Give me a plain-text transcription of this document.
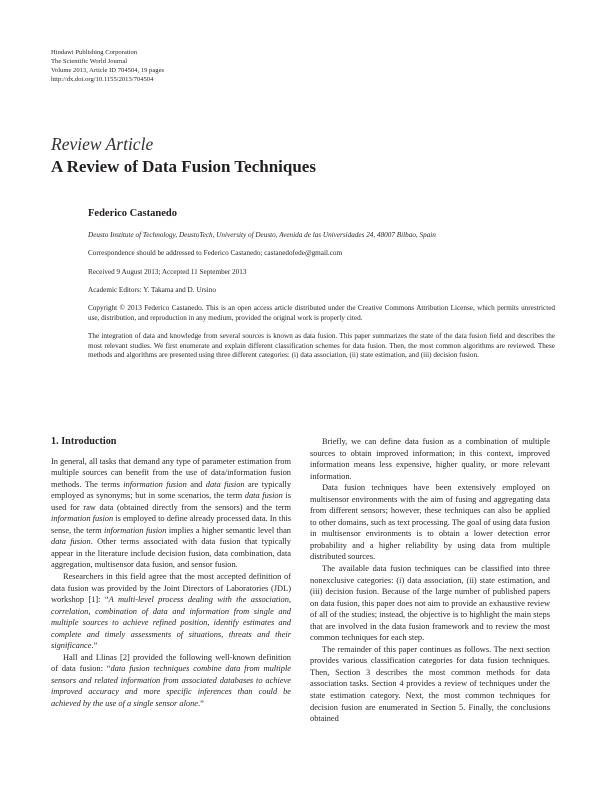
Hindawi Publishing Corporation
The Scientific World Journal
Volume 2013, Article ID 704504, 19 pages
http://dx.doi.org/10.1155/2013/704504
Review Article
A Review of Data Fusion Techniques
Federico Castanedo
Deusto Institute of Technology, DeustoTech, University of Deusto, Avenida de las Universidades 24, 48007 Bilbao, Spain
Correspondence should be addressed to Federico Castanedo; castanedofede@gmail.com
Received 9 August 2013; Accepted 11 September 2013
Academic Editors: Y. Takama and D. Ursino
Copyright © 2013 Federico Castanedo. This is an open access article distributed under the Creative Commons Attribution License, which permits unrestricted use, distribution, and reproduction in any medium, provided the original work is properly cited.
The integration of data and knowledge from several sources is known as data fusion. This paper summarizes the state of the data fusion field and describes the most relevant studies. We first enumerate and explain different classification schemes for data fusion. Then, the most common algorithms are reviewed. These methods and algorithms are presented using three different categories: (i) data association, (ii) state estimation, and (iii) decision fusion.
1. Introduction

In general, all tasks that demand any type of parameter estimation from multiple sources can benefit from the use of data/information fusion methods. The terms information fusion and data fusion are typically employed as synonyms; but in some scenarios, the term data fusion is used for raw data (obtained directly from the sensors) and the term information fusion is employed to define already processed data. In this sense, the term information fusion implies a higher semantic level than data fusion. Other terms associated with data fusion that typically appear in the literature include decision fusion, data combination, data aggregation, multisensor data fusion, and sensor fusion.

Researchers in this field agree that the most accepted definition of data fusion was provided by the Joint Directors of Laboratories (JDL) workshop [1]: “A multi-level process dealing with the association, correlation, combination of data and information from single and multiple sources to achieve refined position, identify estimates and complete and timely assessments of situations, threats and their significance.”

Hall and Llinas [2] provided the following well-known definition of data fusion: “data fusion techniques combine data from multiple sensors and related information from associated databases to achieve improved accuracy and more specific inferences than could be achieved by the use of a single sensor alone.”

Briefly, we can define data fusion as a combination of multiple sources to obtain improved information; in this context, improved information means less expensive, higher quality, or more relevant information.

Data fusion techniques have been extensively employed on multisensor environments with the aim of fusing and aggregating data from different sensors; however, these techniques can also be applied to other domains, such as text processing. The goal of using data fusion in multisensor environments is to obtain a lower detection error probability and a higher reliability by using data from multiple distributed sources.

The available data fusion techniques can be classified into three nonexclusive categories: (i) data association, (ii) state estimation, and (iii) decision fusion. Because of the large number of published papers on data fusion, this paper does not aim to provide an exhaustive review of all of the studies; instead, the objective is to highlight the main steps that are involved in the data fusion framework and to review the most common techniques for each step.

The remainder of this paper continues as follows. The next section provides various classification categories for data fusion techniques. Then, Section 3 describes the most common methods for data association tasks. Section 4 provides a review of techniques under the state estimation category. Next, the most common techniques for decision fusion are enumerated in Section 5. Finally, the conclusions obtained
